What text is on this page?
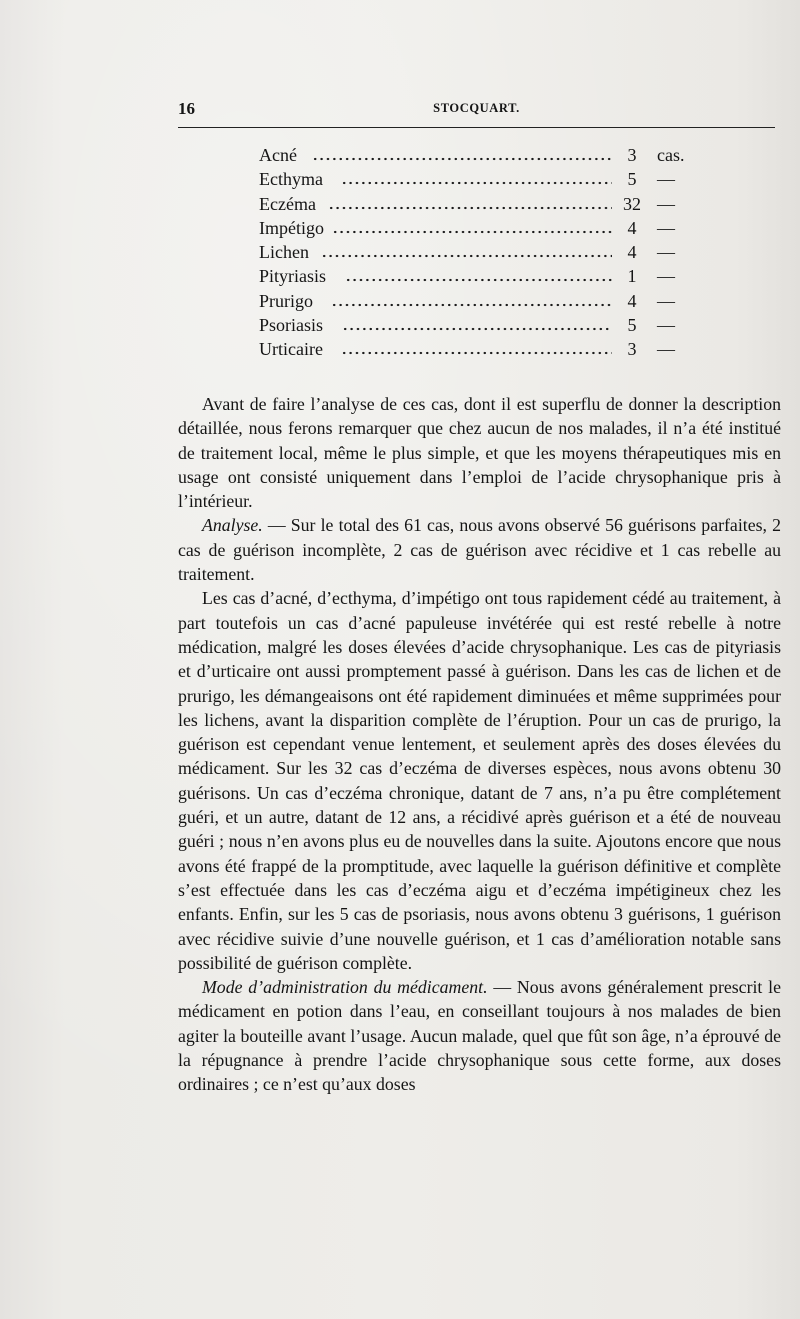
16	STOCQUART.
Acné	3	cas.
Ecthyma	5	—
Eczéma	32 —
Impétigo	4	—
Lichen	4	—
Pityriasis	1	—
Prurigo	4	—
Psoriasis	5	—
Urticaire	3	—

Avant de faire l’analyse de ces cas, dont il est superflu de donner la description détaillée, nous ferons remarquer que chez aucun de nos malades, il n’a été institué de traitement local, même le plus simple, et que les moyens thérapeutiques mis en usage ont consisté uniquement dans l’emploi de l’acide chrysophanique pris à l’intérieur.

Analyse. — Sur le total des 61 cas, nous avons observé 56 guérisons parfaites, 2 cas de guérison incomplète, 2 cas de guérison avec récidive et 1 cas rebelle au traitement.

Les cas d’acné, d’ecthyma, d’impétigo ont tous rapidement cédé au traitement, à part toutefois un cas d’acné papuleuse invétérée qui est resté rebelle à notre médication, malgré les doses élevées d’acide chrysophanique. Les cas de pityriasis et d’urticaire ont aussi promptement passé à guérison. Dans les cas de lichen et de prurigo, les démangeaisons ont été rapidement diminuées et même supprimées pour les lichens, avant la disparition complète de l’éruption. Pour un cas de prurigo, la guérison est cependant venue lentement, et seulement après des doses élevées du médicament. Sur les 32 cas d’eczéma de diverses espèces, nous avons obtenu 30 guérisons. Un cas d’eczéma chronique, datant de 7 ans, n’a pu être complétement guéri, et un autre, datant de 12 ans, a récidivé après guérison et a été de nouveau guéri ; nous n’en avons plus eu de nouvelles dans la suite. Ajoutons encore que nous avons été frappé de la promptitude, avec laquelle la guérison définitive et complète s’est effectuée dans les cas d’eczéma aigu et d’eczéma impétigineux chez les enfants. Enfin, sur les 5 cas de psoriasis, nous avons obtenu 3 guérisons, 1 guérison avec récidive suivie d’une nouvelle guérison, et 1 cas d’amélioration notable sans possibilité de guérison complète.

Mode d’administration du médicament. — Nous avons généralement prescrit le médicament en potion dans l’eau, en conseillant toujours à nos malades de bien agiter la bouteille avant l’usage. Aucun malade, quel que fût son âge, n’a éprouvé de la répugnance à prendre l’acide chrysophanique sous cette forme, aux doses ordinaires ; ce n’est qu’aux doses
